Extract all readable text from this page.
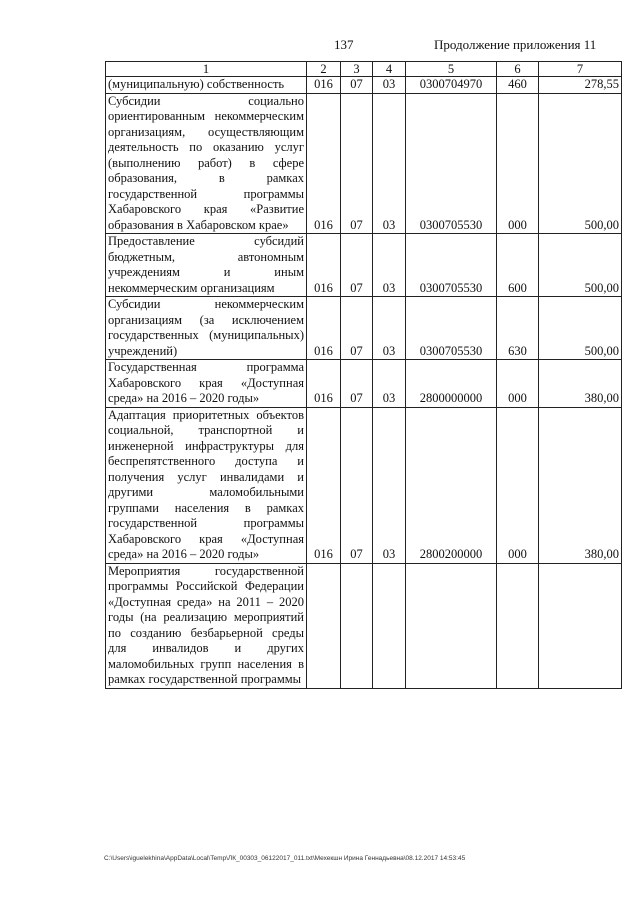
137	Продолжение приложения 11
1	2	3	4	5	6	7
(муниципальную) собственность	016	07	03	0300704970	460	278,55
Субсидии социально ориентированным некоммерческим организациям, осуществляющим деятельность по оказанию услуг (выполнению работ) в сфере образования, в рамках государственной программы Хабаровского края «Развитие образования в Хабаровском крае»	016	07	03	0300705530	000	500,00
Предоставление субсидий бюджетным, автономным учреждениям и иным некоммерческим организациям	016	07	03	0300705530	600	500,00
Субсидии некоммерческим организациям (за исключением государственных (муниципальных) учреждений)	016	07	03	0300705530	630	500,00
Государственная программа Хабаровского края «Доступная среда» на 2016 – 2020 годы»	016	07	03	2800000000	000	380,00
Адаптация приоритетных объектов социальной, транспортной и инженерной инфраструктуры для беспрепятственного доступа и получения услуг инвалидами и другими маломобильными группами населения в рамках государственной программы Хабаровского края «Доступная среда» на 2016 – 2020 годы»	016	07	03	2800200000	000	380,00
Мероприятия государственной программы Российской Федерации «Доступная среда» на 2011 – 2020 годы (на реализацию мероприятий по созданию безбарьерной среды для инвалидов и других маломобильных групп населения в рамках государственной программы						
C:\Users\iguelekhina\AppData\Local\Temp\ЛК_00303_06122017_011.txt\Мехекшн Ирина Геннадьевна\08.12.2017 14:53:45
